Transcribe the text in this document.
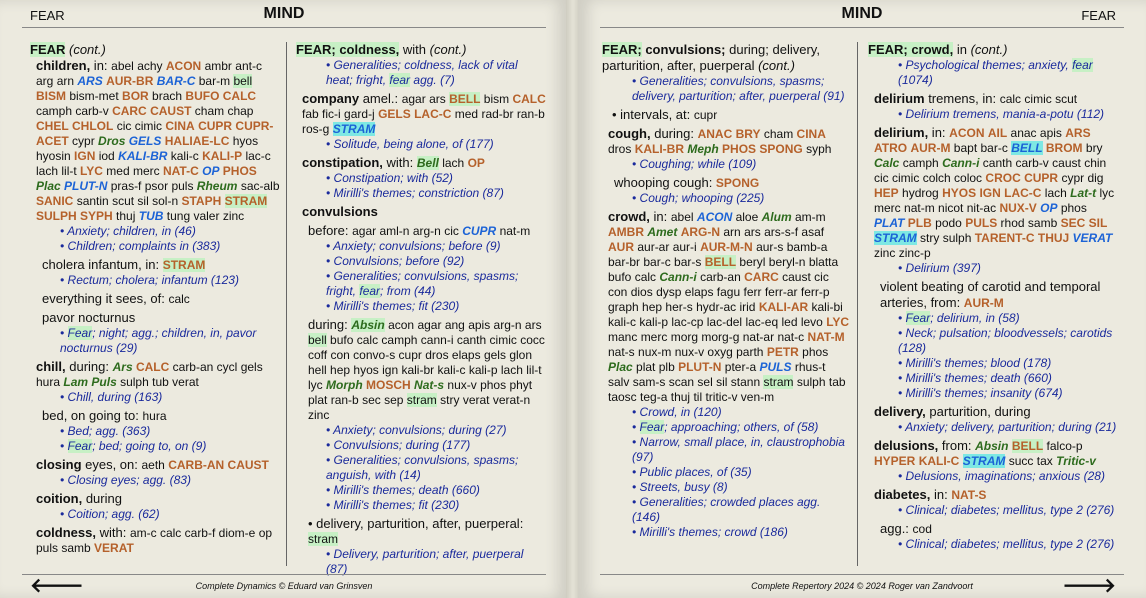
FEAR	MIND
FEAR (cont.)
children, in: abel achy ACON ambr ant-c arg arn ARS AUR-BR BAR-C bar-m bell BISM bism-met BOR brach BUFO CALC camph carb-v CARC CAUST cham chap CHEL CHLOL cic cimic CINA CUPR CUPR-ACET cypr Dros GELS HALIAE-LC hyos hyosin IGN iod KALI-BR kali-c KALI-P lac-c lach lil-t LYC med merc NAT-C OP PHOS Plac PLUT-N pras-f psor puls Rheum sac-alb SANIC santin scut sil sol-n STAPH STRAM SULPH SYPH thuj TUB tung valer zinc
• Anxiety; children, in (46)
• Children; complaints in (383)
cholera infantum, in: STRAM
• Rectum; cholera; infantum (123)
everything it sees, of: calc
pavor nocturnus
• Fear; night; agg.; children, in, pavor nocturnus (29)
chill, during: Ars CALC carb-an cycl gels hura Lam Puls sulph tub verat
• Chill, during (163)
bed, on going to: hura
• Bed; agg. (363)
• Fear; bed; going to, on (9)
closing eyes, on: aeth CARB-AN CAUST
• Closing eyes; agg. (83)
coition, during
• Coition; agg. (62)
coldness, with: am-c calc carb-f diom-e op puls samb VERAT
FEAR; coldness, with (cont.)
• Generalities; coldness, lack of vital heat; fright, fear agg. (7)
company amel.: agar ars BELL bism CALC fab fic-i gard-j GELS LAC-C med rad-br ran-b ros-g STRAM
• Solitude, being alone, of (177)
constipation, with: Bell lach OP
• Constipation; with (52)
• Mirilli's themes; constriction (87)
convulsions
before: agar aml-n arg-n cic CUPR nat-m
• Anxiety; convulsions; before (9)
• Convulsions; before (92)
• Generalities; convulsions, spasms; fright, fear; from (44)
• Mirilli's themes; fit (230)
during: Absin acon agar ang apis arg-n ars bell bufo calc camph cann-i canth cimic cocc coff con convo-s cupr dros elaps gels glon hell hep hyos ign kali-br kali-c kali-p lach lil-t lyc Morph MOSCH Nat-s nux-v phos phyt plat ran-b sec sep stram stry verat verat-n zinc
• Anxiety; convulsions; during (27)
• Convulsions; during (177)
• Generalities; convulsions, spasms; anguish, with (14)
• Mirilli's themes; death (660)
• Mirilli's themes; fit (230)
• delivery, parturition, after, puerperal: stram
• Delivery, parturition; after, puerperal (87)
Complete Dynamics © Eduard van Grinsven
🡐
MIND	FEAR
FEAR; convulsions; during; delivery, parturition, after, puerperal (cont.)
• Generalities; convulsions, spasms; delivery, parturition; after, puerperal (91)
• intervals, at: cupr
cough, during: ANAC BRY cham CINA dros KALI-BR Meph PHOS SPONG syph
• Coughing; while (109)
whooping cough: SPONG
• Cough; whooping (225)
crowd, in: abel ACON aloe Alum am-m AMBR Amet ARG-N arn ars ars-s-f asaf AUR aur-ar aur-i AUR-M-N aur-s bamb-a bar-br bar-c bar-s BELL beryl beryl-n blatta bufo calc Cann-i carb-an CARC caust cic con dios dysp elaps fagu ferr ferr-ar ferr-p graph hep her-s hydr-ac irid KALI-AR kali-bi kali-c kali-p lac-cp lac-del lac-eq led levo LYC manc merc morg morg-g nat-ar nat-c NAT-M nat-s nux-m nux-v oxyg parth PETR phos Plac plat plb PLUT-N pter-a PULS rhus-t salv sam-s scan sel sil stann stram sulph tab taosc teg-a thuj til tritic-v ven-m
• Crowd, in (120)
• Fear; approaching; others, of (58)
• Narrow, small place, in, claustrophobia (97)
• Public places, of (35)
• Streets, busy (8)
• Generalities; crowded places agg. (146)
• Mirilli's themes; crowd (186)
FEAR; crowd, in (cont.)
• Psychological themes; anxiety, fear (1074)
delirium tremens, in: calc cimic scut
• Delirium tremens, mania-a-potu (112)
delirium, in: ACON AIL anac apis ARS ATRO AUR-M bapt bar-c BELL BROM bry Calc camph Cann-i canth carb-v caust chin cic cimic colch coloc CROC CUPR cypr dig HEP hydrog HYOS IGN LAC-C lach Lat-t lyc merc nat-m nicot nit-ac NUX-V OP phos PLAT PLB podo PULS rhod samb SEC SIL STRAM stry sulph TARENT-C THUJ VERAT zinc zinc-p
• Delirium (397)
violent beating of carotid and temporal arteries, from: AUR-M
• Fear; delirium, in (58)
• Neck; pulsation; bloodvessels; carotids (128)
• Mirilli's themes; blood (178)
• Mirilli's themes; death (660)
• Mirilli's themes; insanity (674)
delivery, parturition, during
• Anxiety; delivery, parturition; during (21)
delusions, from: Absin BELL falco-p HYPER KALI-C STRAM succ tax Tritic-v
• Delusions, imaginations; anxious (28)
diabetes, in: NAT-S
• Clinical; diabetes; mellitus, type 2 (276)
agg.: cod
• Clinical; diabetes; mellitus, type 2 (276)
Complete Repertory 2024 © 2024 Roger van Zandvoort	🡒
